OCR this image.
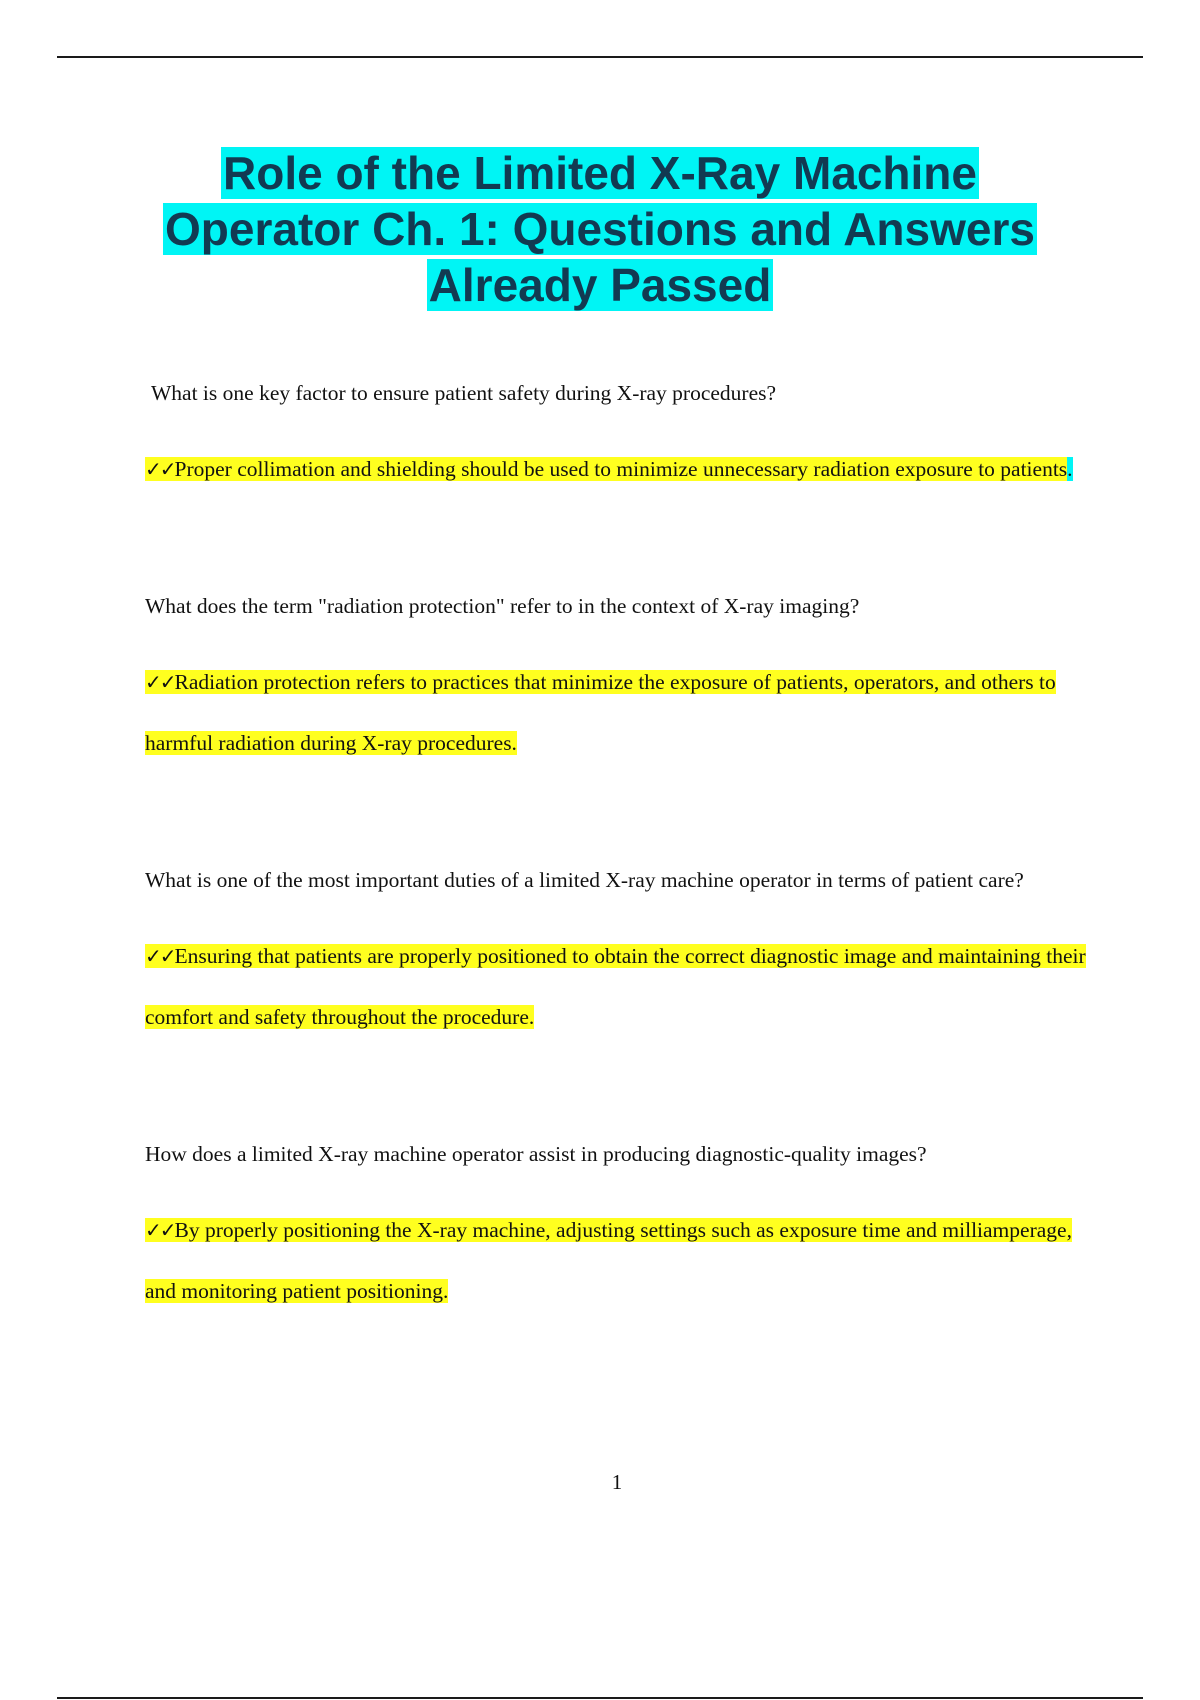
Role of the Limited X-Ray Machine
Operator Ch. 1: Questions and Answers
Already Passed

What is one key factor to ensure patient safety during X-ray procedures?

✓✓Proper collimation and shielding should be used to minimize unnecessary radiation exposure to patients.

What does the term "radiation protection" refer to in the context of X-ray imaging?

✓✓Radiation protection refers to practices that minimize the exposure of patients, operators, and others to harmful radiation during X-ray procedures.

What is one of the most important duties of a limited X-ray machine operator in terms of patient care?

✓✓Ensuring that patients are properly positioned to obtain the correct diagnostic image and maintaining their comfort and safety throughout the procedure.

How does a limited X-ray machine operator assist in producing diagnostic-quality images?

✓✓By properly positioning the X-ray machine, adjusting settings such as exposure time and milliamperage, and monitoring patient positioning.

1
